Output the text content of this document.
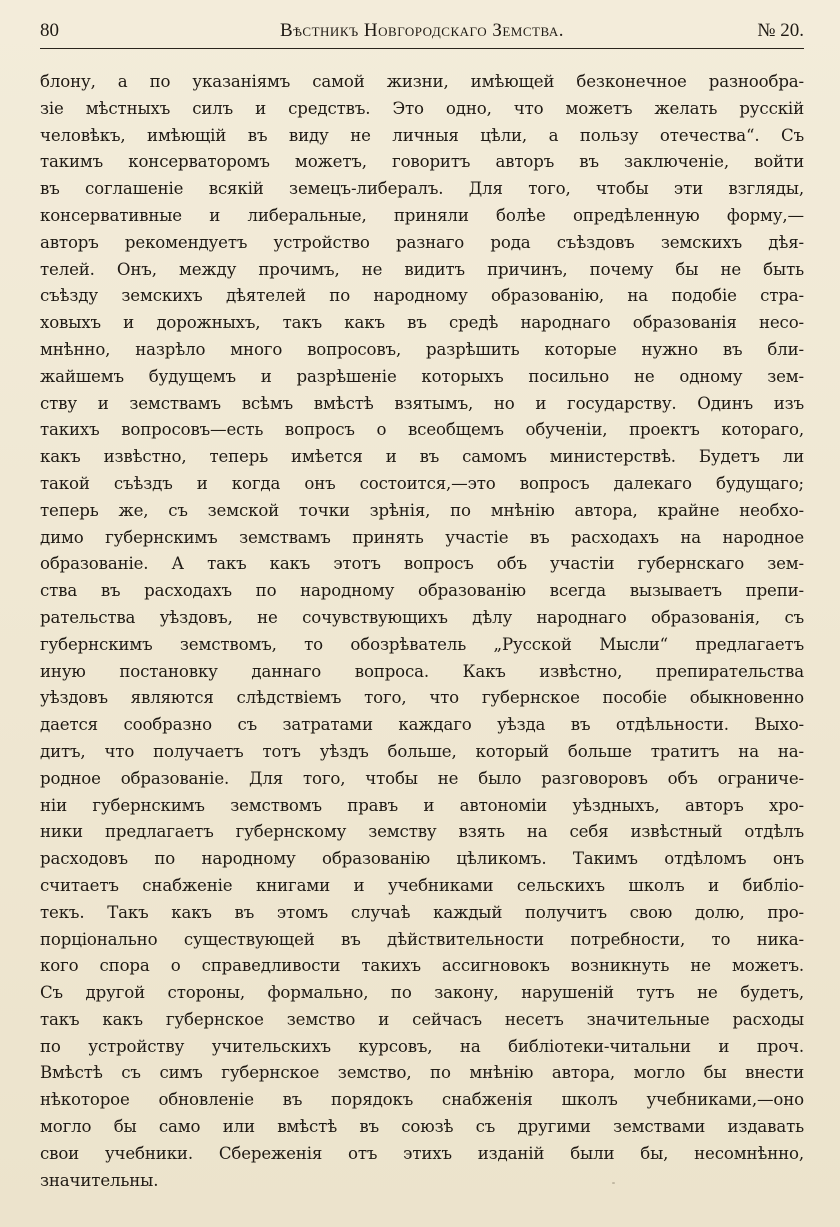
80	Вѣстникъ Новгородскаго Земства.	№ 20.
блону, а по указаніямъ самой жизни, имѣющей безконечное разнообра-
зіе мѣстныхъ силъ и средствъ. Это одно, что можетъ желать русскій
человѣкъ, имѣющій въ виду не личныя цѣли, а пользу отечества“. Съ
такимъ консерваторомъ можетъ, говоритъ авторъ въ заключеніе, войти
въ соглашеніе всякій земецъ-либералъ. Для того, чтобы эти взгляды,
консервативные и либеральные, приняли болѣе опредѣленную форму,—
авторъ рекомендуетъ устройство разнаго рода съѣздовъ земскихъ дѣя-
телей. Онъ, между прочимъ, не видитъ причинъ, почему бы не быть
съѣзду земскихъ дѣятелей по народному образованію, на подобіе стра-
ховыхъ и дорожныхъ, такъ какъ въ средѣ народнаго образованія несо-
мнѣнно, назрѣло много вопросовъ, разрѣшить которые нужно въ бли-
жайшемъ будущемъ и разрѣшеніе которыхъ посильно не одному зем-
ству и земствамъ всѣмъ вмѣстѣ взятымъ, но и государству. Одинъ изъ
такихъ вопросовъ—есть вопросъ о всеобщемъ обученіи, проектъ котораго,
какъ извѣстно, теперь имѣется и въ самомъ министерствѣ. Будетъ ли
такой съѣздъ и когда онъ состоится,—это вопросъ далекаго будущаго;
теперь же, съ земской точки зрѣнія, по мнѣнію автора, крайне необхо-
димо губернскимъ земствамъ принять участіе въ расходахъ на народное
образованіе. А такъ какъ этотъ вопросъ объ участіи губернскаго зем-
ства въ расходахъ по народному образованію всегда вызываетъ препи-
рательства уѣздовъ, не сочувствующихъ дѣлу народнаго образованія, съ
губернскимъ земствомъ, то обозрѣватель „Русской Мысли“ предлагаетъ
иную постановку даннаго вопроса. Какъ извѣстно, препирательства
уѣздовъ являются слѣдствіемъ того, что губернское пособіе обыкновенно
дается сообразно съ затратами каждаго уѣзда въ отдѣльности. Выхо-
дитъ, что получаетъ тотъ уѣздъ больше, который больше тратитъ на на-
родное образованіе. Для того, чтобы не было разговоровъ объ ограниче-
ніи губернскимъ земствомъ правъ и автономіи уѣздныхъ, авторъ хро-
ники предлагаетъ губернскому земству взять на себя извѣстный отдѣлъ
расходовъ по народному образованію цѣликомъ. Такимъ отдѣломъ онъ
считаетъ снабженіе книгами и учебниками сельскихъ школъ и библіо-
текъ. Такъ какъ въ этомъ случаѣ каждый получитъ свою долю, про-
порціонально существующей въ дѣйствительности потребности, то ника-
кого спора о справедливости такихъ ассигновокъ возникнуть не можетъ.
Съ другой стороны, формально, по закону, нарушеній тутъ не будетъ,
такъ какъ губернское земство и сейчасъ несетъ значительные расходы
по устройству учительскихъ курсовъ, на библіотеки-читальни и проч.
Вмѣстѣ съ симъ губернское земство, по мнѣнію автора, могло бы внести
нѣкоторое обновленіе въ порядокъ снабженія школъ учебниками,—оно
могло бы само или вмѣстѣ въ союзѣ съ другими земствами издавать
свои учебники. Сбереженія отъ этихъ изданій были бы, несомнѣнно,
значительны.
